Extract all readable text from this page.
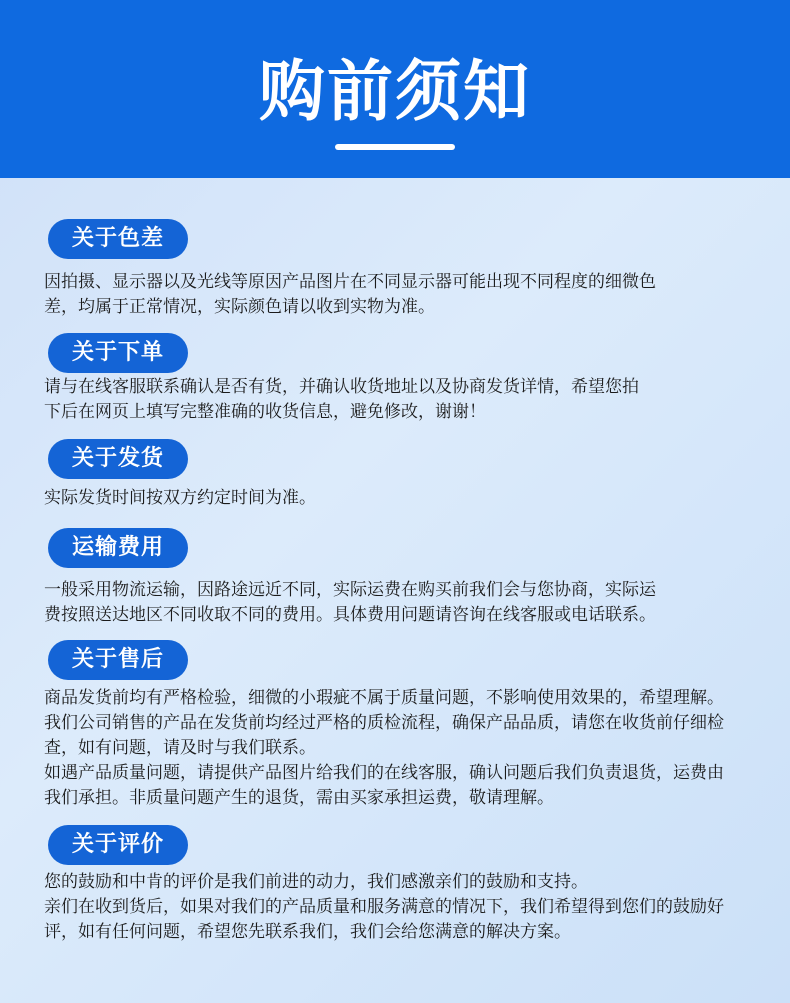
购前须知
关于色差

因拍摄、显示器以及光线等原因产品图片在不同显示器可能出现不同程度的细微色

差，均属于正常情况，实际颜色请以收到实物为准。

关于下单

请与在线客服联系确认是否有货，并确认收货地址以及协商发货详情，希望您拍

下后在网页上填写完整准确的收货信息，避免修改，谢谢！

关于发货

实际发货时间按双方约定时间为准。

运输费用

一般采用物流运输，因路途远近不同，实际运费在购买前我们会与您协商，实际运

费按照送达地区不同收取不同的费用。具体费用问题请咨询在线客服或电话联系。

关于售后

商品发货前均有严格检验，细微的小瑕疵不属于质量问题，不影响使用效果的，希望理解。

我们公司销售的产品在发货前均经过严格的质检流程，确保产品品质，请您在收货前仔细检

查，如有问题，请及时与我们联系。

如遇产品质量问题，请提供产品图片给我们的在线客服，确认问题后我们负责退货，运费由

我们承担。非质量问题产生的退货，需由买家承担运费，敬请理解。

关于评价

您的鼓励和中肯的评价是我们前进的动力，我们感激亲们的鼓励和支持。

亲们在收到货后，如果对我们的产品质量和服务满意的情况下，我们希望得到您们的鼓励好

评，如有任何问题，希望您先联系我们，我们会给您满意的解决方案。
